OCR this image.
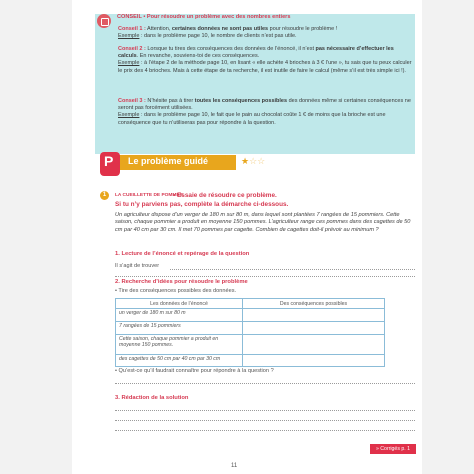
CONSEIL • Pour résoudre un problème avec des nombres entiers
Conseil 1 : Attention, certaines données ne sont pas utiles pour résoudre le problème !
Exemple : dans le problème page 10, le nombre de clients n’est pas utile.
Conseil 2 : Lorsque tu tires des conséquences des données de l’énoncé, il n’est pas nécessaire d’effectuer les calculs. En revanche, souviens-toi de ces conséquences.
Exemple : à l’étape 2 de la méthode page 10, en lisant « elle achète 4 brioches à 3 € l’une », tu sais que tu peux calculer le prix des 4 brioches. Mais à cette étape de ta recherche, il est inutile de faire le calcul (même s’il est très simple ici !).
Conseil 3 : N’hésite pas à tirer toutes les conséquences possibles des données même si certaines conséquences ne seront pas forcément utilisées.
Exemple : dans le problème page 10, le fait que le pain au chocolat coûte 1 € de moins que la brioche est une conséquence que tu n’utiliseras pas pour répondre à la question.
P Le problème guidé	★☆☆
1	LA CUEILLETTE DE POMMES
• Essaie de résoudre ce problème.
Si tu n’y parviens pas, complète la démarche ci-dessous.
Un agriculteur dispose d’un verger de 180 m sur 80 m, dans lequel sont plantées 7 rangées de 15 pommiers. Cette saison, chaque pommier a produit en moyenne 150 pommes. L’agriculteur range ces pommes dans des cagettes de 50 cm par 40 cm par 30 cm. Il met 70 pommes par cagette. Combien de cagettes doit-il prévoir au minimum ?
1. Lecture de l’énoncé et repérage de la question
Il s’agit de trouver
2. Recherche d’idées pour résoudre le problème
• Tire des conséquences possibles des données.
Les données de l’énoncé	Des conséquences possibles
un verger de 180 m sur 80 m	
7 rangées de 15 pommiers	
Cette saison, chaque pommier a produit en moyenne 150 pommes.	
des cagettes de 50 cm par 40 cm par 30 cm	
• Qu’est-ce qu’il faudrait connaître pour répondre à la question ?
3. Rédaction de la solution
» Corrigés p. 1
11
